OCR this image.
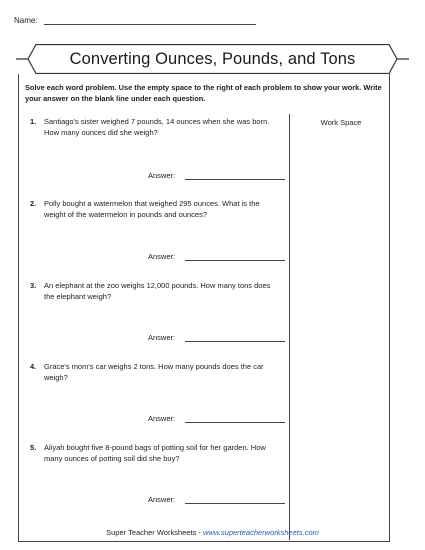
Name:
Converting Ounces, Pounds, and Tons
Solve each word problem. Use the empty space to the right of each problem to show your work. Write your answer on the blank line under each question.
Work Space
1. Santiago's sister weighed 7 pounds, 14 ounces when she was born. How many ounces did she weigh?
Answer:
2. Polly bought a watermelon that weighed 295 ounces. What is the weight of the watermelon in pounds and ounces?
Answer:
3. An elephant at the zoo weighs 12,000 pounds. How many tons does the elephant weigh?
Answer:
4. Grace's mom's car weighs 2 tons. How many pounds does the car weigh?
Answer:
5. Aliyah bought five 8-pound bags of potting soil for her garden. How many ounces of potting soil did she buy?
Answer:
Super Teacher Worksheets - www.superteacherworksheets.com
